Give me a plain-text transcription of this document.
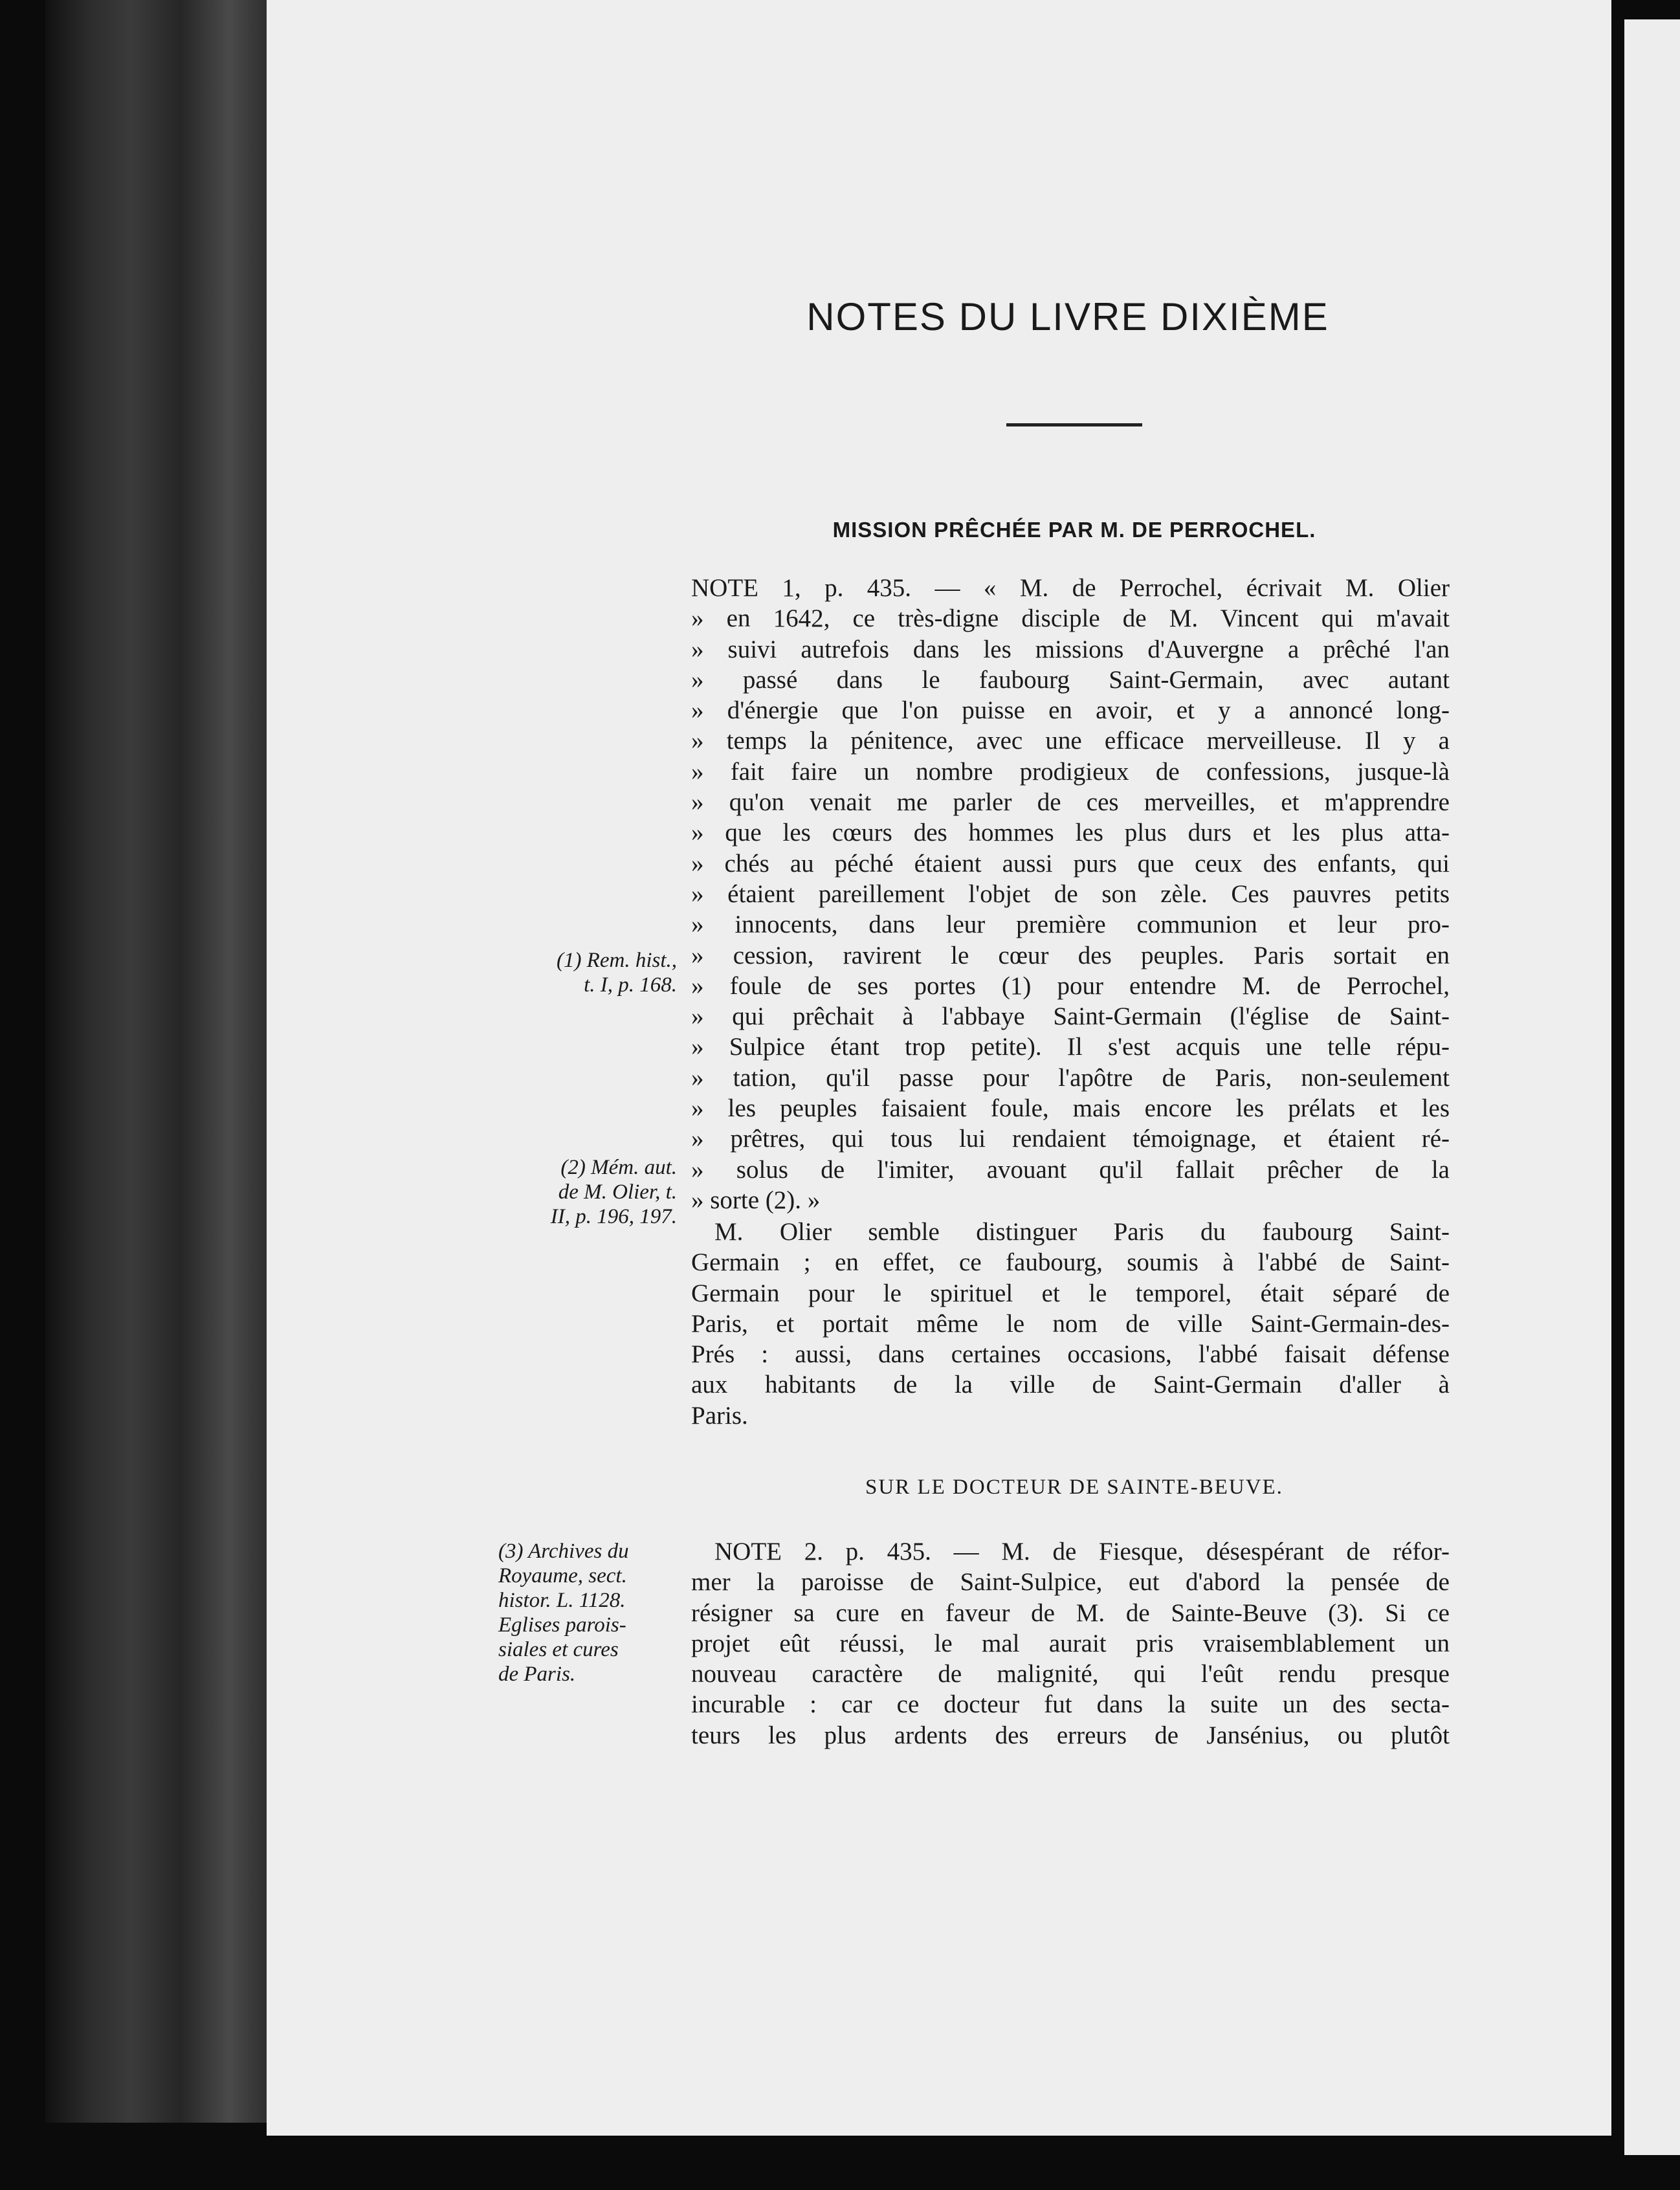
NOTES DU LIVRE DIXIÈME
MISSION PRÊCHÉE PAR M. DE PERROCHEL.
NOTE 1, p. 435. — « M. de Perrochel, écrivait M. Olier
» en 1642, ce très-digne disciple de M. Vincent qui m'avait
» suivi autrefois dans les missions d'Auvergne a prêché l'an
» passé dans le faubourg Saint-Germain, avec autant
» d'énergie que l'on puisse en avoir, et y a annoncé long-
» temps la pénitence, avec une efficace merveilleuse. Il y a
» fait faire un nombre prodigieux de confessions, jusque-là
» qu'on venait me parler de ces merveilles, et m'apprendre
» que les cœurs des hommes les plus durs et les plus atta-
» chés au péché étaient aussi purs que ceux des enfants, qui
» étaient pareillement l'objet de son zèle. Ces pauvres petits
» innocents, dans leur première communion et leur pro-
» cession, ravirent le cœur des peuples. Paris sortait en
» foule de ses portes (1) pour entendre M. de Perrochel,
» qui prêchait à l'abbaye Saint-Germain (l'église de Saint-
» Sulpice étant trop petite). Il s'est acquis une telle répu-
» tation, qu'il passe pour l'apôtre de Paris, non-seulement
» les peuples faisaient foule, mais encore les prélats et les
» prêtres, qui tous lui rendaient témoignage, et étaient ré-
» solus de l'imiter, avouant qu'il fallait prêcher de la
» sorte (2). »
M. Olier semble distinguer Paris du faubourg Saint-
Germain ; en effet, ce faubourg, soumis à l'abbé de Saint-
Germain pour le spirituel et le temporel, était séparé de
Paris, et portait même le nom de ville Saint-Germain-des-
Prés : aussi, dans certaines occasions, l'abbé faisait défense
aux habitants de la ville de Saint-Germain d'aller à
Paris.
SUR LE DOCTEUR DE SAINTE-BEUVE.
NOTE 2. p. 435. — M. de Fiesque, désespérant de réfor-
mer la paroisse de Saint-Sulpice, eut d'abord la pensée de
résigner sa cure en faveur de M. de Sainte-Beuve (3). Si ce
projet eût réussi, le mal aurait pris vraisemblablement un
nouveau caractère de malignité, qui l'eût rendu presque
incurable : car ce docteur fut dans la suite un des secta-
teurs les plus ardents des erreurs de Jansénius, ou plutôt
(1) Rem. hist.,
t. I, p. 168.
(2) Mém. aut.
de M. Olier, t.
II, p. 196, 197.
(3) Archives du
Royaume, sect.
histor. L. 1128.
Eglises parois-
siales et cures
de Paris.
